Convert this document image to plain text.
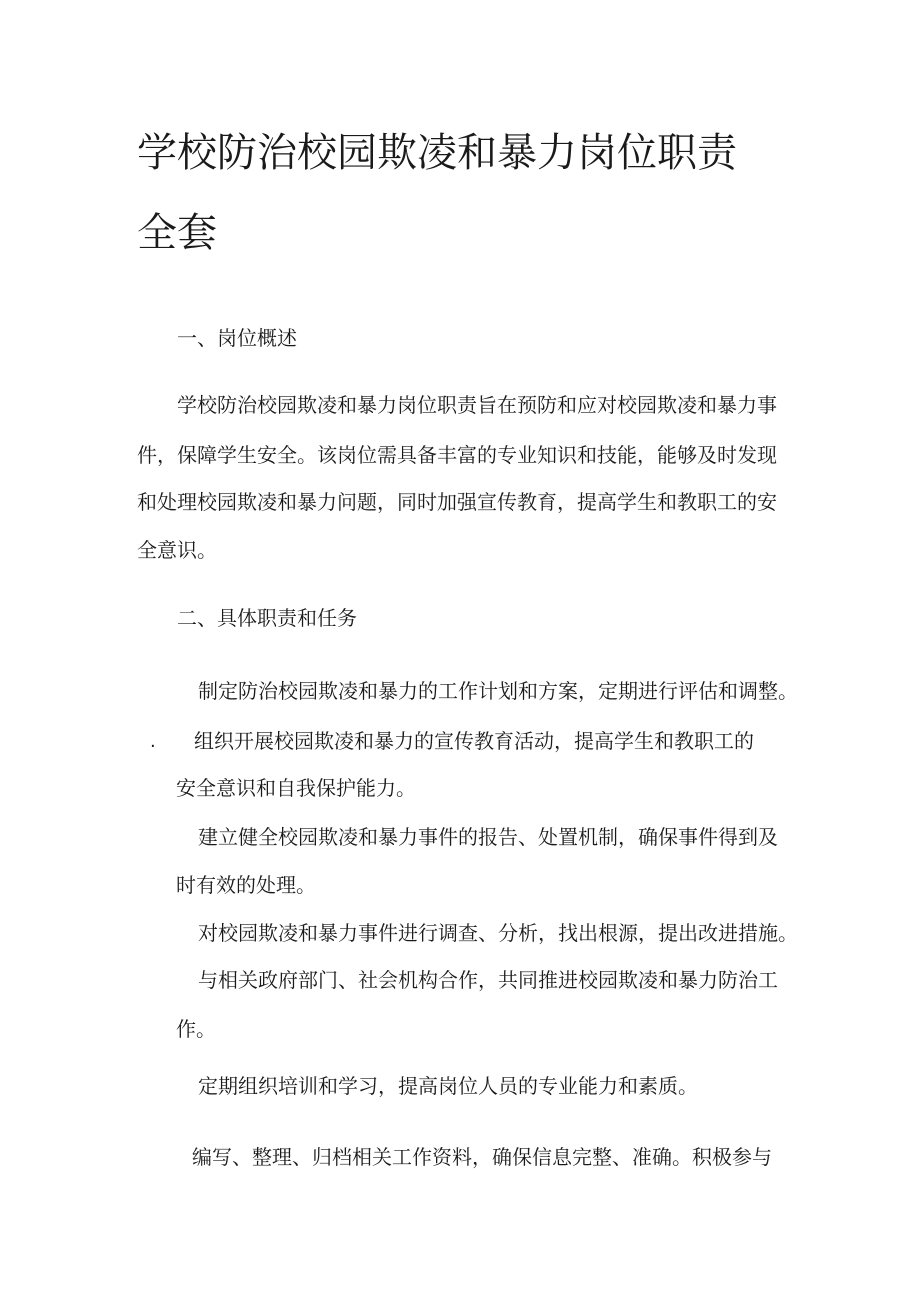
学校防治校园欺凌和暴力岗位职责
全套
一、岗位概述
学校防治校园欺凌和暴力岗位职责旨在预防和应对校园欺凌和暴力事
件，保障学生安全。该岗位需具备丰富的专业知识和技能，能够及时发现
和处理校园欺凌和暴力问题，同时加强宣传教育，提高学生和教职工的安
全意识。
二、具体职责和任务
制定防治校园欺凌和暴力的工作计划和方案，定期进行评估和调整。
. 组织开展校园欺凌和暴力的宣传教育活动，提高学生和教职工的
安全意识和自我保护能力。
建立健全校园欺凌和暴力事件的报告、处置机制，确保事件得到及
时有效的处理。
对校园欺凌和暴力事件进行调查、分析，找出根源，提出改进措施。
与相关政府部门、社会机构合作，共同推进校园欺凌和暴力防治工
作。
定期组织培训和学习，提高岗位人员的专业能力和素质。
编写、整理、归档相关工作资料，确保信息完整、准确。积极参与
